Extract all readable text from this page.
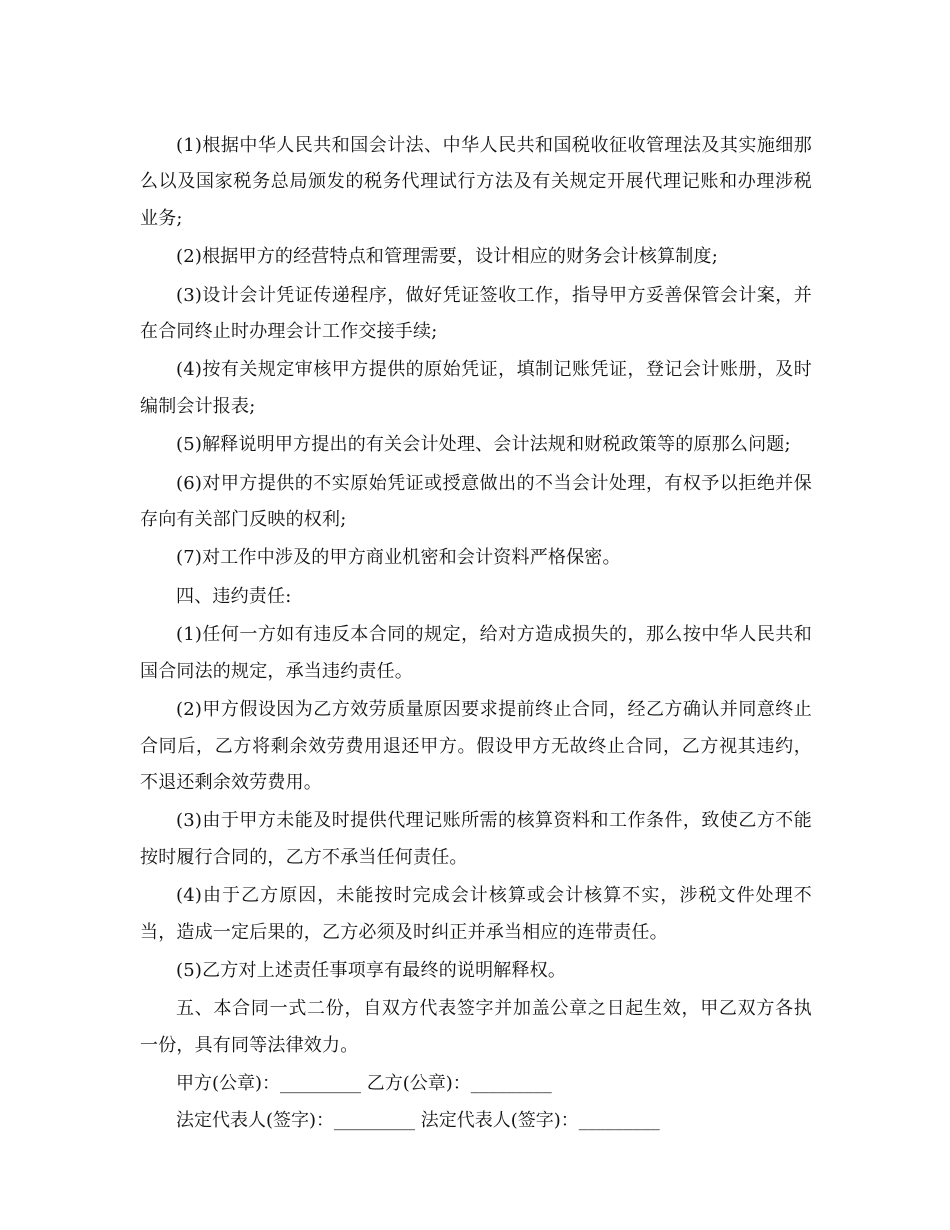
(1)根据中华人民共和国会计法、中华人民共和国税收征收管理法及其实施细那么以及国家税务总局颁发的税务代理试行方法及有关规定开展代理记账和办理涉税业务;

(2)根据甲方的经营特点和管理需要，设计相应的财务会计核算制度;

(3)设计会计凭证传递程序，做好凭证签收工作，指导甲方妥善保管会计案，并在合同终止时办理会计工作交接手续;

(4)按有关规定审核甲方提供的原始凭证，填制记账凭证，登记会计账册，及时编制会计报表;

(5)解释说明甲方提出的有关会计处理、会计法规和财税政策等的原那么问题;

(6)对甲方提供的不实原始凭证或授意做出的不当会计处理，有权予以拒绝并保存向有关部门反映的权利;

(7)对工作中涉及的甲方商业机密和会计资料严格保密。

四、违约责任:

(1)任何一方如有违反本合同的规定，给对方造成损失的，那么按中华人民共和国合同法的规定，承当违约责任。

(2)甲方假设因为乙方效劳质量原因要求提前终止合同，经乙方确认并同意终止合同后，乙方将剩余效劳费用退还甲方。假设甲方无故终止合同，乙方视其违约，不退还剩余效劳费用。

(3)由于甲方未能及时提供代理记账所需的核算资料和工作条件，致使乙方不能按时履行合同的，乙方不承当任何责任。

(4)由于乙方原因，未能按时完成会计核算或会计核算不实，涉税文件处理不当，造成一定后果的，乙方必须及时纠正并承当相应的连带责任。

(5)乙方对上述责任事项享有最终的说明解释权。

五、本合同一式二份，自双方代表签字并加盖公章之日起生效，甲乙双方各执一份，具有同等法律效力。

甲方(公章)：_________ 乙方(公章)：_________

法定代表人(签字)：_________ 法定代表人(签字)：_________
